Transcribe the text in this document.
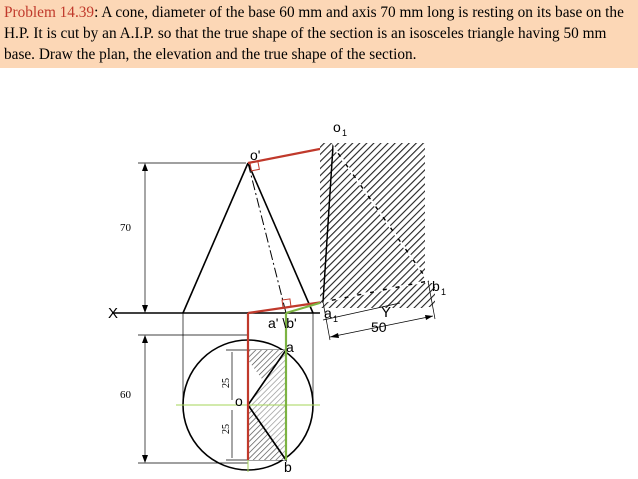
Problem 14.39: A cone, diameter of the base 60 mm and axis 70 mm long is resting on its base on the H.P. It is cut by an A.I.P. so that the true shape of the section is an isosceles triangle having 50 mm base. Draw the plan, the elevation and the true shape of the section.
o'
o 1
b 1
a 1
a' \b'
a
b
o
X	Y
50
70
60
25
25
